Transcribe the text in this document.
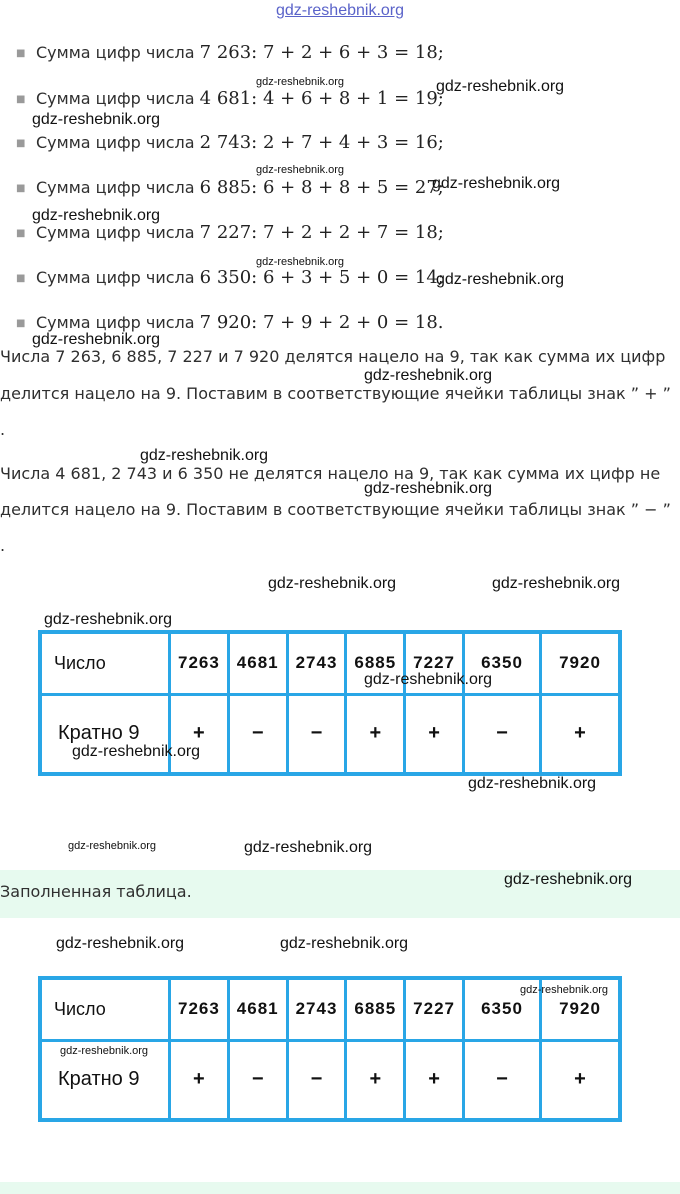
gdz-reshebnik.org
■ Сумма цифр числа 7 263: 7 + 2 + 6 + 3 = 18;
■ Сумма цифр числа 4 681: 4 + 6 + 8 + 1 = 19;
■ Сумма цифр числа 2 743: 2 + 7 + 4 + 3 = 16;
■ Сумма цифр числа 6 885: 6 + 8 + 8 + 5 = 27;
■ Сумма цифр числа 7 227: 7 + 2 + 2 + 7 = 18;
■ Сумма цифр числа 6 350: 6 + 3 + 5 + 0 = 14;
■ Сумма цифр числа 7 920: 7 + 9 + 2 + 0 = 18.
Числа 7 263, 6 885, 7 227 и 7 920 делятся нацело на 9, так как сумма их цифр
делится нацело на 9. Поставим в соответствующие ячейки таблицы знак ” + ”
.
Числа 4 681, 2 743 и 6 350 не делятся нацело на 9, так как сумма их цифр не
делится нацело на 9. Поставим в соответствующие ячейки таблицы знак ” − ”
.
Число	7263	4681	2743	6885	7227	6350	7920
Кратно 9	+	−	−	+	+	−	+
Заполненная таблица.
Число	7263	4681	2743	6885	7227	6350	7920
Кратно 9	+	−	−	+	+	−	+
gdz-reshebnik.org	gdz-reshebnik.org
gdz-reshebnik.org
gdz-reshebnik.org
gdz-reshebnik.org
gdz-reshebnik.org
gdz-reshebnik.org
gdz-reshebnik.org
gdz-reshebnik.org
gdz-reshebnik.org
gdz-reshebnik.org
gdz-reshebnik.org
gdz-reshebnik.org	gdz-reshebnik.org
gdz-reshebnik.org
gdz-reshebnik.org
gdz-reshebnik.org
gdz-reshebnik.org
gdz-reshebnik.org	gdz-reshebnik.org
gdz-reshebnik.org
gdz-reshebnik.org	gdz-reshebnik.org
gdz-reshebnik.org
gdz-reshebnik.org
